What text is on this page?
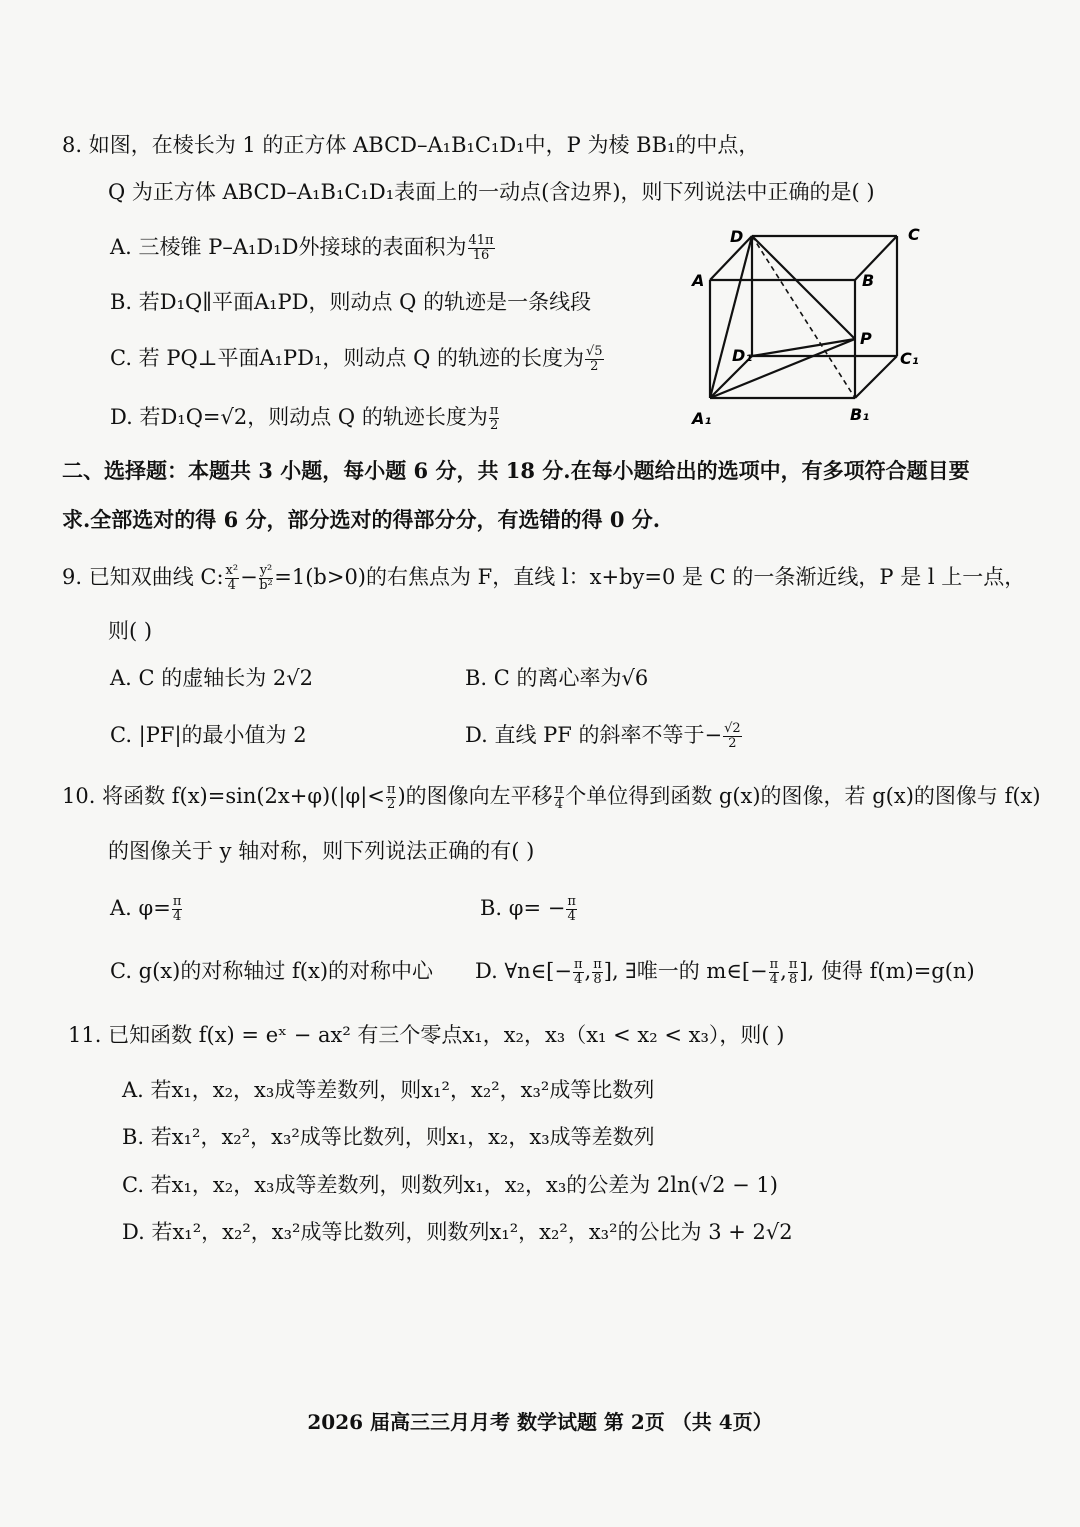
8. 如图，在棱长为 1 的正方体 ABCD–A₁B₁C₁D₁中，P 为棱 BB₁的中点，
Q 为正方体 ABCD–A₁B₁C₁D₁表面上的一动点(含边界)，则下列说法中正确的是( )
A. 三棱锥 P–A₁D₁D外接球的表面积为 $\frac{41\pi}{16}$
B. 若D₁Q∥平面A₁PD，则动点 Q 的轨迹是一条线段
C. 若 PQ⊥平面A₁PD₁，则动点 Q 的轨迹的长度为 $\frac{√5}{2}$
D. 若D₁Q=√2，则动点 Q 的轨迹长度为 $\frac{\pi}{2}$
D	C
A	B
P
D₁	C₁
A₁	B₁
二、选择题：本题共 3 小题，每小题 6 分，共 18 分.在每小题给出的选项中，有多项符合题目要
求.全部选对的得 6 分，部分选对的得部分分，有选错的得 0 分.
9. 已知双曲线 C: $\frac{\text{x²}}{4} - \frac{\text{y²}}{\text{b²}} =1(b>0)$的右焦点为 F，直线 l：x+by=0 是 C 的一条渐近线，P 是 l 上一点，
则( )
A. C 的虚轴长为 2√2	B. C 的离心率为√6
C. |PF|的最小值为 2	D. 直线 PF 的斜率不等于− $\frac{√2}{2}$
10. 将函数 $f(x)=\sin(2x+\varphi)(|\varphi|< \frac{\pi}{2}$ )的图像向左平移 $\frac{\pi}{4}$ 个单位得到函数 g(x)的图像，若 g(x)的图像与 f(x)
的图像关于 y 轴对称，则下列说法正确的有( )
A. $\varphi= \frac{\pi}{4}$	B. $\varphi= - \frac{\pi}{4}$
C. g(x)的对称轴过 f(x)的对称中心 D. ∀n∈[− $\frac{\pi}{4}$ , $\frac{\pi}{8}$ ], ∃唯一的 m∈[− $\frac{\pi}{4}$ , $\frac{\pi}{8}$ ], 使得 f(m)=g(n)
11. 已知函数 f(x) = eˣ − ax² 有三个零点x₁，x₂，x₃（x₁ < x₂ < x₃），则( )
A. 若x₁，x₂，x₃成等差数列，则x₁²，x₂²，x₃²成等比数列
B. 若x₁²，x₂²，x₃²成等比数列，则x₁，x₂，x₃成等差数列
C. 若x₁，x₂，x₃成等差数列，则数列x₁，x₂，x₃的公差为 2ln(√2 − 1)
D. 若x₁²，x₂²，x₃²成等比数列，则数列x₁²，x₂²，x₃²的公比为 3 + 2√2
2026 届高三三月月考 数学试题 第 2页 （共 4页）
